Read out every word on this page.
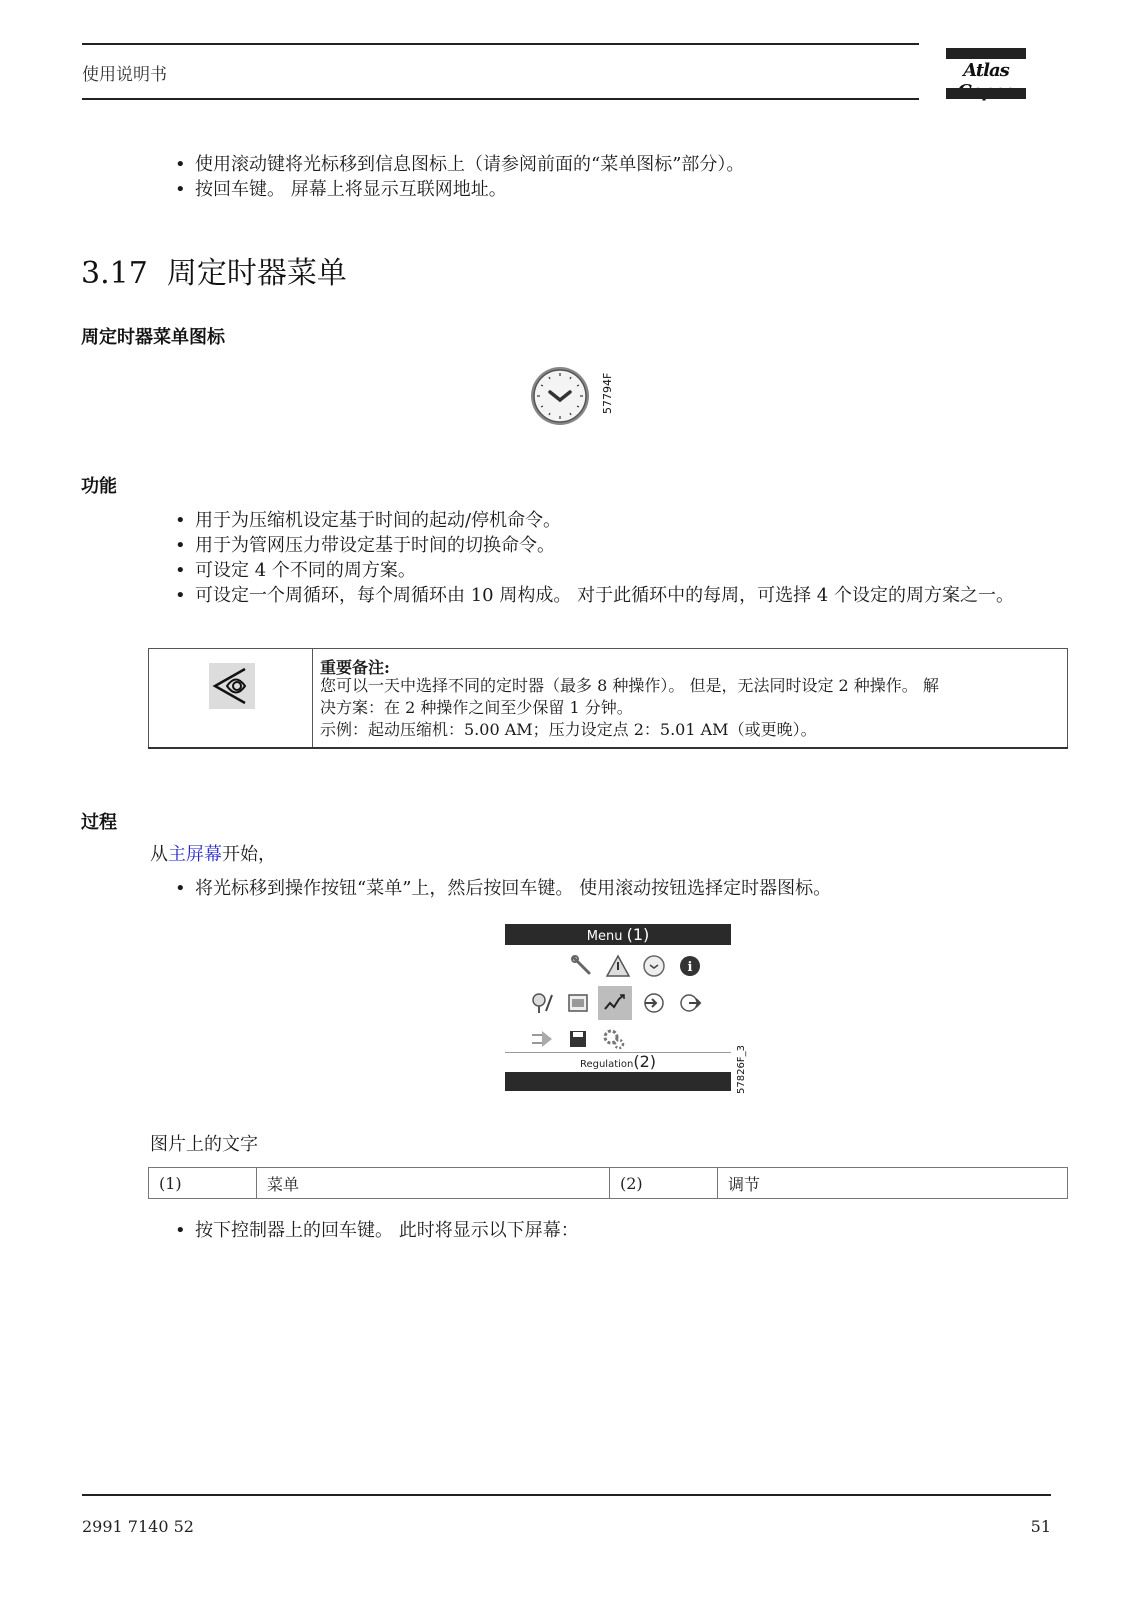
使用说明书	Atlas
• 使用滚动键将光标移到信息图标上（请参阅前面的“菜单图标”部分）。
• 按回车键。 屏幕上将显示互联网地址。
3.17 周定时器菜单
周定时器菜单图标
57794F
功能
• 用于为压缩机设定基于时间的起动/停机命令。
• 用于为管网压力带设定基于时间的切换命令。
• 可设定 4 个不同的周方案。
• 可设定一个周循环，每个周循环由 10 周构成。 对于此循环中的每周，可选择 4 个设定的周方案之一。
重要备注:
您可以一天中选择不同的定时器（最多 8 种操作）。 但是，无法同时设定 2 种操作。 解
决方案：在 2 种操作之间至少保留 1 分钟。
示例：起动压缩机：5.00 AM；压力设定点 2：5.01 AM（或更晚）。
过程
从主屏幕开始，
• 将光标移到操作按钮“菜单”上，然后按回车键。 使用滚动按钮选择定时器图标。
Menu (1)
i
Regulation(2)	57826F_3
图片上的文字
(1)	菜单	(2)	调节
• 按下控制器上的回车键。 此时将显示以下屏幕：
2991 7140 52	51
